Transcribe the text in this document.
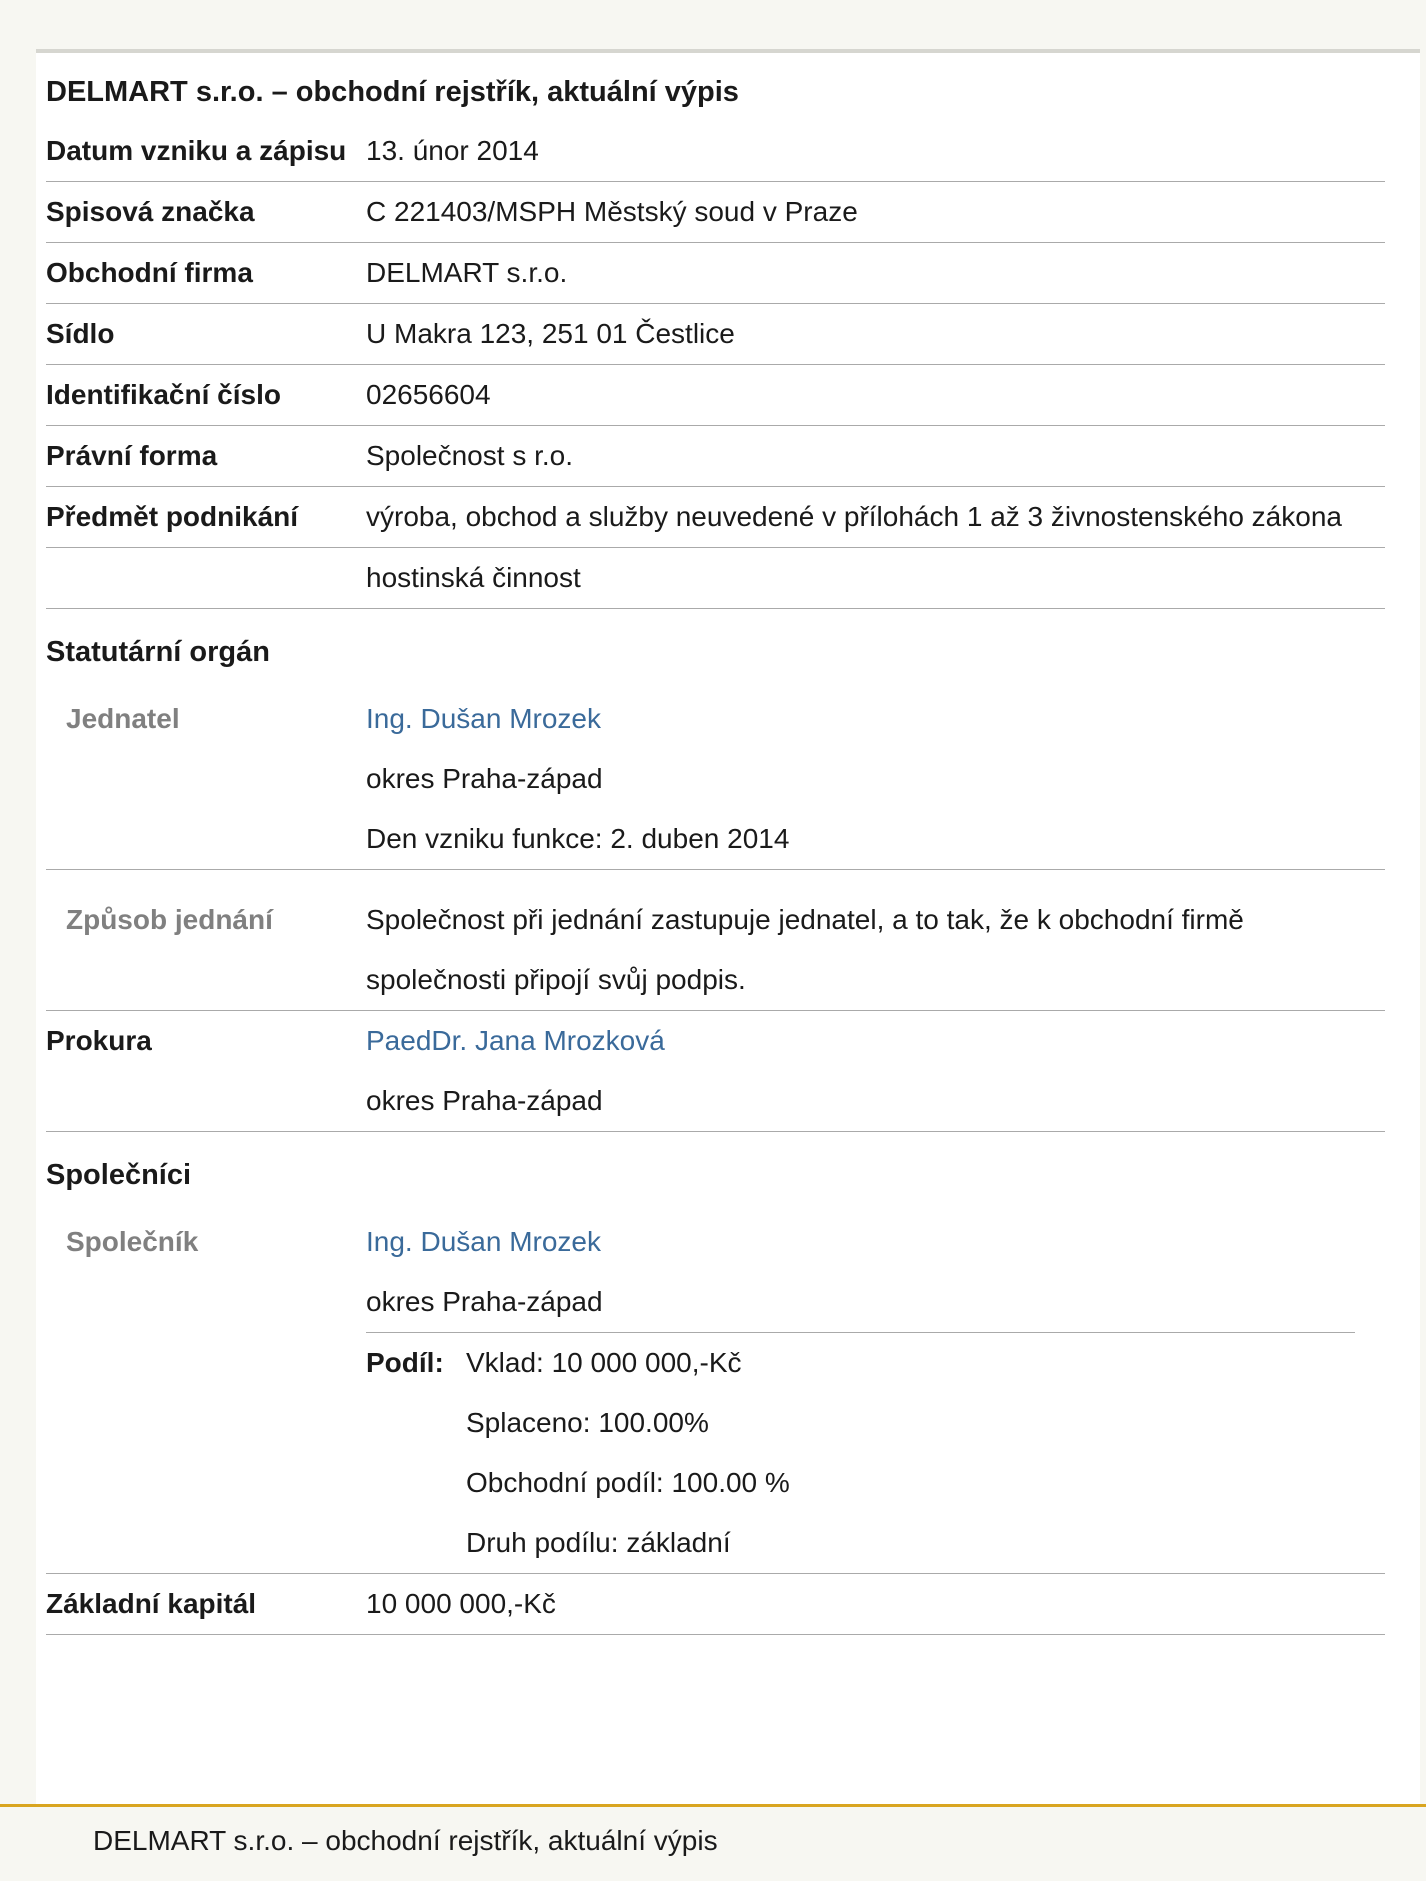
DELMART s.r.o. – obchodní rejstřík, aktuální výpis
Datum vzniku a zápisu 13. únor 2014
Spisová značka	C 221403/MSPH Městský soud v Praze
Obchodní firma	DELMART s.r.o.
Sídlo	U Makra 123, 251 01 Čestlice
Identifikační číslo	02656604
Právní forma	Společnost s r.o.
Předmět podnikání	výroba, obchod a služby neuvedené v přílohách 1 až 3 živnostenského zákona
hostinská činnost
Statutární orgán
Jednatel	Ing. Dušan Mrozek
okres Praha-západ
Den vzniku funkce: 2. duben 2014
Způsob jednání	Společnost při jednání zastupuje jednatel, a to tak, že k obchodní firmě společnosti připojí svůj podpis.
Prokura	PaedDr. Jana Mrozková
okres Praha-západ
Společníci
Společník	Ing. Dušan Mrozek
okres Praha-západ
Podíl: Vklad: 10 000 000,-Kč
Splaceno: 100.00%
Obchodní podíl: 100.00 %
Druh podílu: základní
Základní kapitál	10 000 000,-Kč
DELMART s.r.o. – obchodní rejstřík, aktuální výpis
